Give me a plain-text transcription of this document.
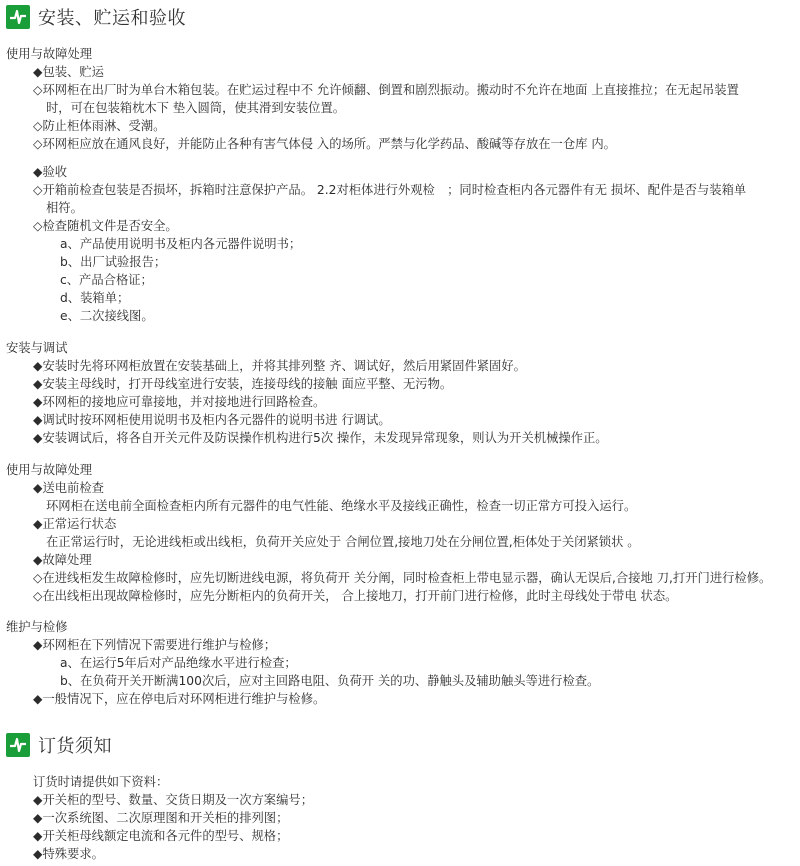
安装、贮运和验收
使用与故障处理
◆包装、贮运
◇环网柜在出厂时为单台木箱包装。在贮运过程中不 允许倾翻、倒置和剧烈振动。搬动时不允许在地面 上直接推拉；在无起吊装置
时，可在包装箱枕木下 垫入圆筒，使其滑到安装位置。
◇防止柜体雨淋、受潮。
◇环网柜应放在通风良好，并能防止各种有害气体侵 入的场所。严禁与化学药品、酸碱等存放在一仓库 内。
◆验收
◇开箱前检查包装是否损坏，拆箱时注意保护产品。 2.2对柜体进行外观检　；同时检查柜内各元器件有无 损坏、配件是否与装箱单
相符。
◇检查随机文件是否安全。
a、产品使用说明书及柜内各元器件说明书；
b、出厂试验报告；
c、产品合格证；
d、装箱单；
e、二次接线图。
安装与调试
◆安装时先将环网柜放置在安装基础上，并将其排列整 齐、调试好，然后用紧固件紧固好。
◆安装主母线时，打开母线室进行安装，连接母线的接触 面应平整、无污物。
◆环网柜的接地应可靠接地，并对接地进行回路检查。
◆调试时按环网柜使用说明书及柜内各元器件的说明书进 行调试。
◆安装调试后，将各自开关元件及防误操作机构进行5次 操作，未发现异常现象，则认为开关机械操作正。
使用与故障处理
◆送电前检查
环网柜在送电前全面检查柜内所有元器件的电气性能、绝缘水平及接线正确性，检查一切正常方可投入运行。
◆正常运行状态
在正常运行时，无论进线柜或出线柜，负荷开关应处于 合闸位置,接地刀处在分闸位置,柜体处于关闭紧锁状 。
◆故障处理
◇在进线柜发生故障检修时，应先切断进线电源，将负荷开 关分阐，同时检查柜上带电显示器，确认无误后,合接地 刀,打开门进行检修。
◇在出线柜出现故障检修时，应先分断柜内的负荷开关， 合上接地刀，打开前门进行检修，此时主母线处于带电 状态。
维护与检修
◆环网柜在下列情况下需要进行维护与检修；
a、在运行5年后对产品绝缘水平进行检查；
b、在负荷开关开断满100次后，应对主回路电阻、负荷开 关的功、静触头及辅助触头等进行检查。
◆一般情况下，应在停电后对环网柜进行维护与检修。
订货须知
订货时请提供如下资料：
◆开关柜的型号、数量、交货日期及一次方案编号；
◆一次系统图、二次原理图和开关柜的排列图；
◆开关柜母线额定电流和各元件的型号、规格；
◆特殊要求。
